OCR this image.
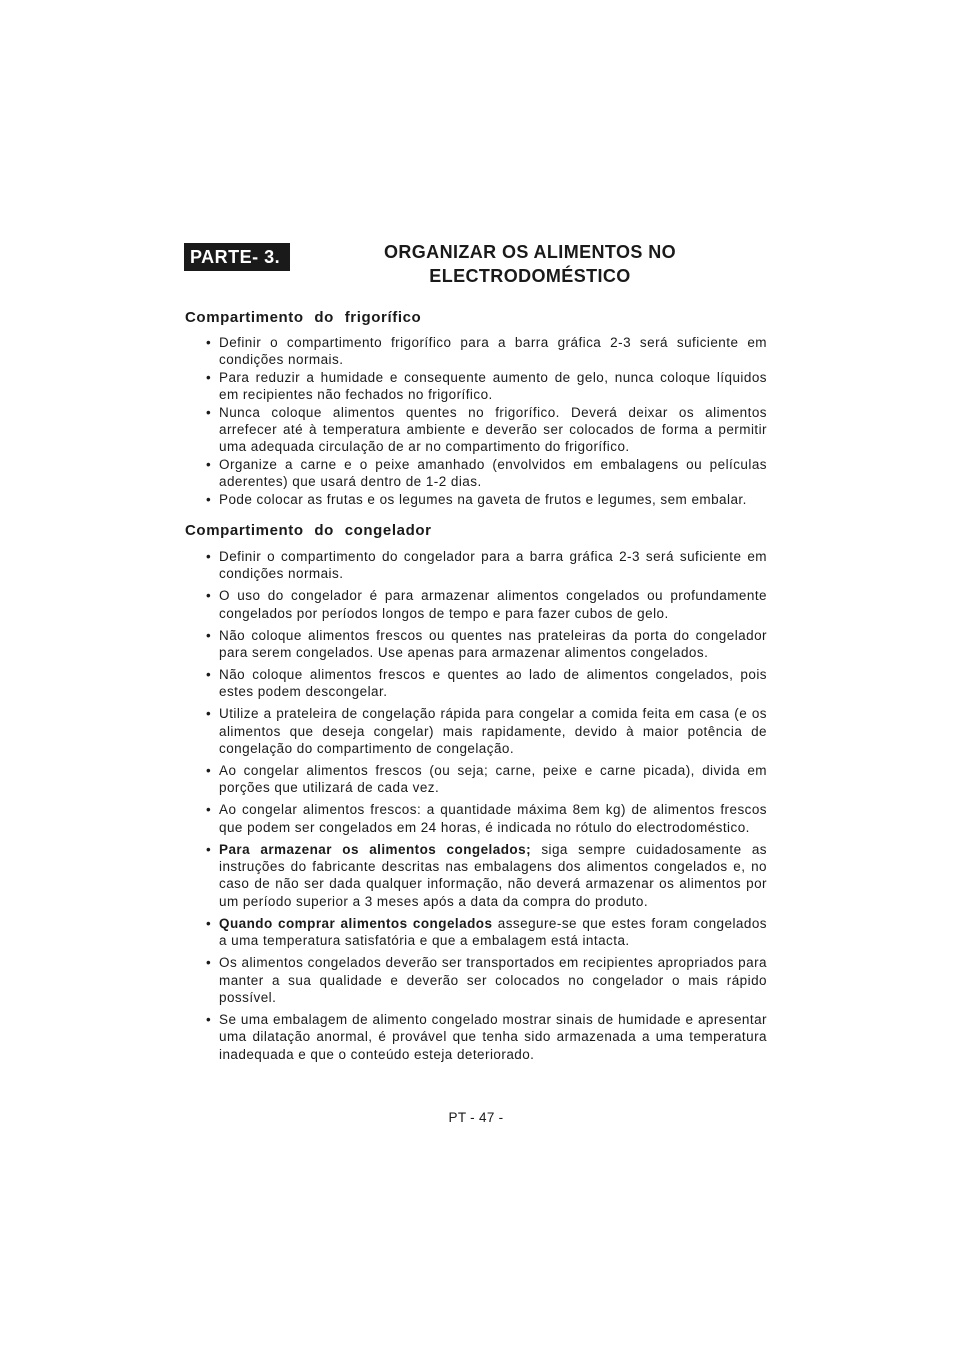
PARTE- 3.	ORGANIZAR OS ALIMENTOS NO
ELECTRODOMÉSTICO
Compartimento do frigorífico
• Definir o compartimento frigorífico para a barra gráfica 2-3 será suficiente em condições normais.
• Para reduzir a humidade e consequente aumento de gelo, nunca coloque líquidos em recipientes não fechados no frigorífico.
• Nunca coloque alimentos quentes no frigorífico. Deverá deixar os alimentos arrefecer até à temperatura ambiente e deverão ser colocados de forma a permitir uma adequada circulação de ar no compartimento do frigorífico.
• Organize a carne e o peixe amanhado (envolvidos em embalagens ou películas aderentes) que usará dentro de 1-2 dias.
• Pode colocar as frutas e os legumes na gaveta de frutos e legumes, sem embalar.
Compartimento do congelador
• Definir o compartimento do congelador para a barra gráfica 2-3 será suficiente em condições normais.
• O uso do congelador é para armazenar alimentos congelados ou profundamente congelados por períodos longos de tempo e para fazer cubos de gelo.
• Não coloque alimentos frescos ou quentes nas prateleiras da porta do congelador para serem congelados. Use apenas para armazenar alimentos congelados.
• Não coloque alimentos frescos e quentes ao lado de alimentos congelados, pois estes podem descongelar.
• Utilize a prateleira de congelação rápida para congelar a comida feita em casa (e os alimentos que deseja congelar) mais rapidamente, devido à maior potência de congelação do compartimento de congelação.
• Ao congelar alimentos frescos (ou seja; carne, peixe e carne picada), divida em porções que utilizará de cada vez.
• Ao congelar alimentos frescos: a quantidade máxima 8em kg) de alimentos frescos que podem ser congelados em 24 horas, é indicada no rótulo do electrodoméstico.
• Para armazenar os alimentos congelados; siga sempre cuidadosamente as instruções do fabricante descritas nas embalagens dos alimentos congelados e, no caso de não ser dada qualquer informação, não deverá armazenar os alimentos por um período superior a 3 meses após a data da compra do produto.
• Quando comprar alimentos congelados assegure-se que estes foram congelados a uma temperatura satisfatória e que a embalagem está intacta.
• Os alimentos congelados deverão ser transportados em recipientes apropriados para manter a sua qualidade e deverão ser colocados no congelador o mais rápido possível.
• Se uma embalagem de alimento congelado mostrar sinais de humidade e apresentar uma dilatação anormal, é provável que tenha sido armazenada a uma temperatura inadequada e que o conteúdo esteja deteriorado.
PT - 47 -
